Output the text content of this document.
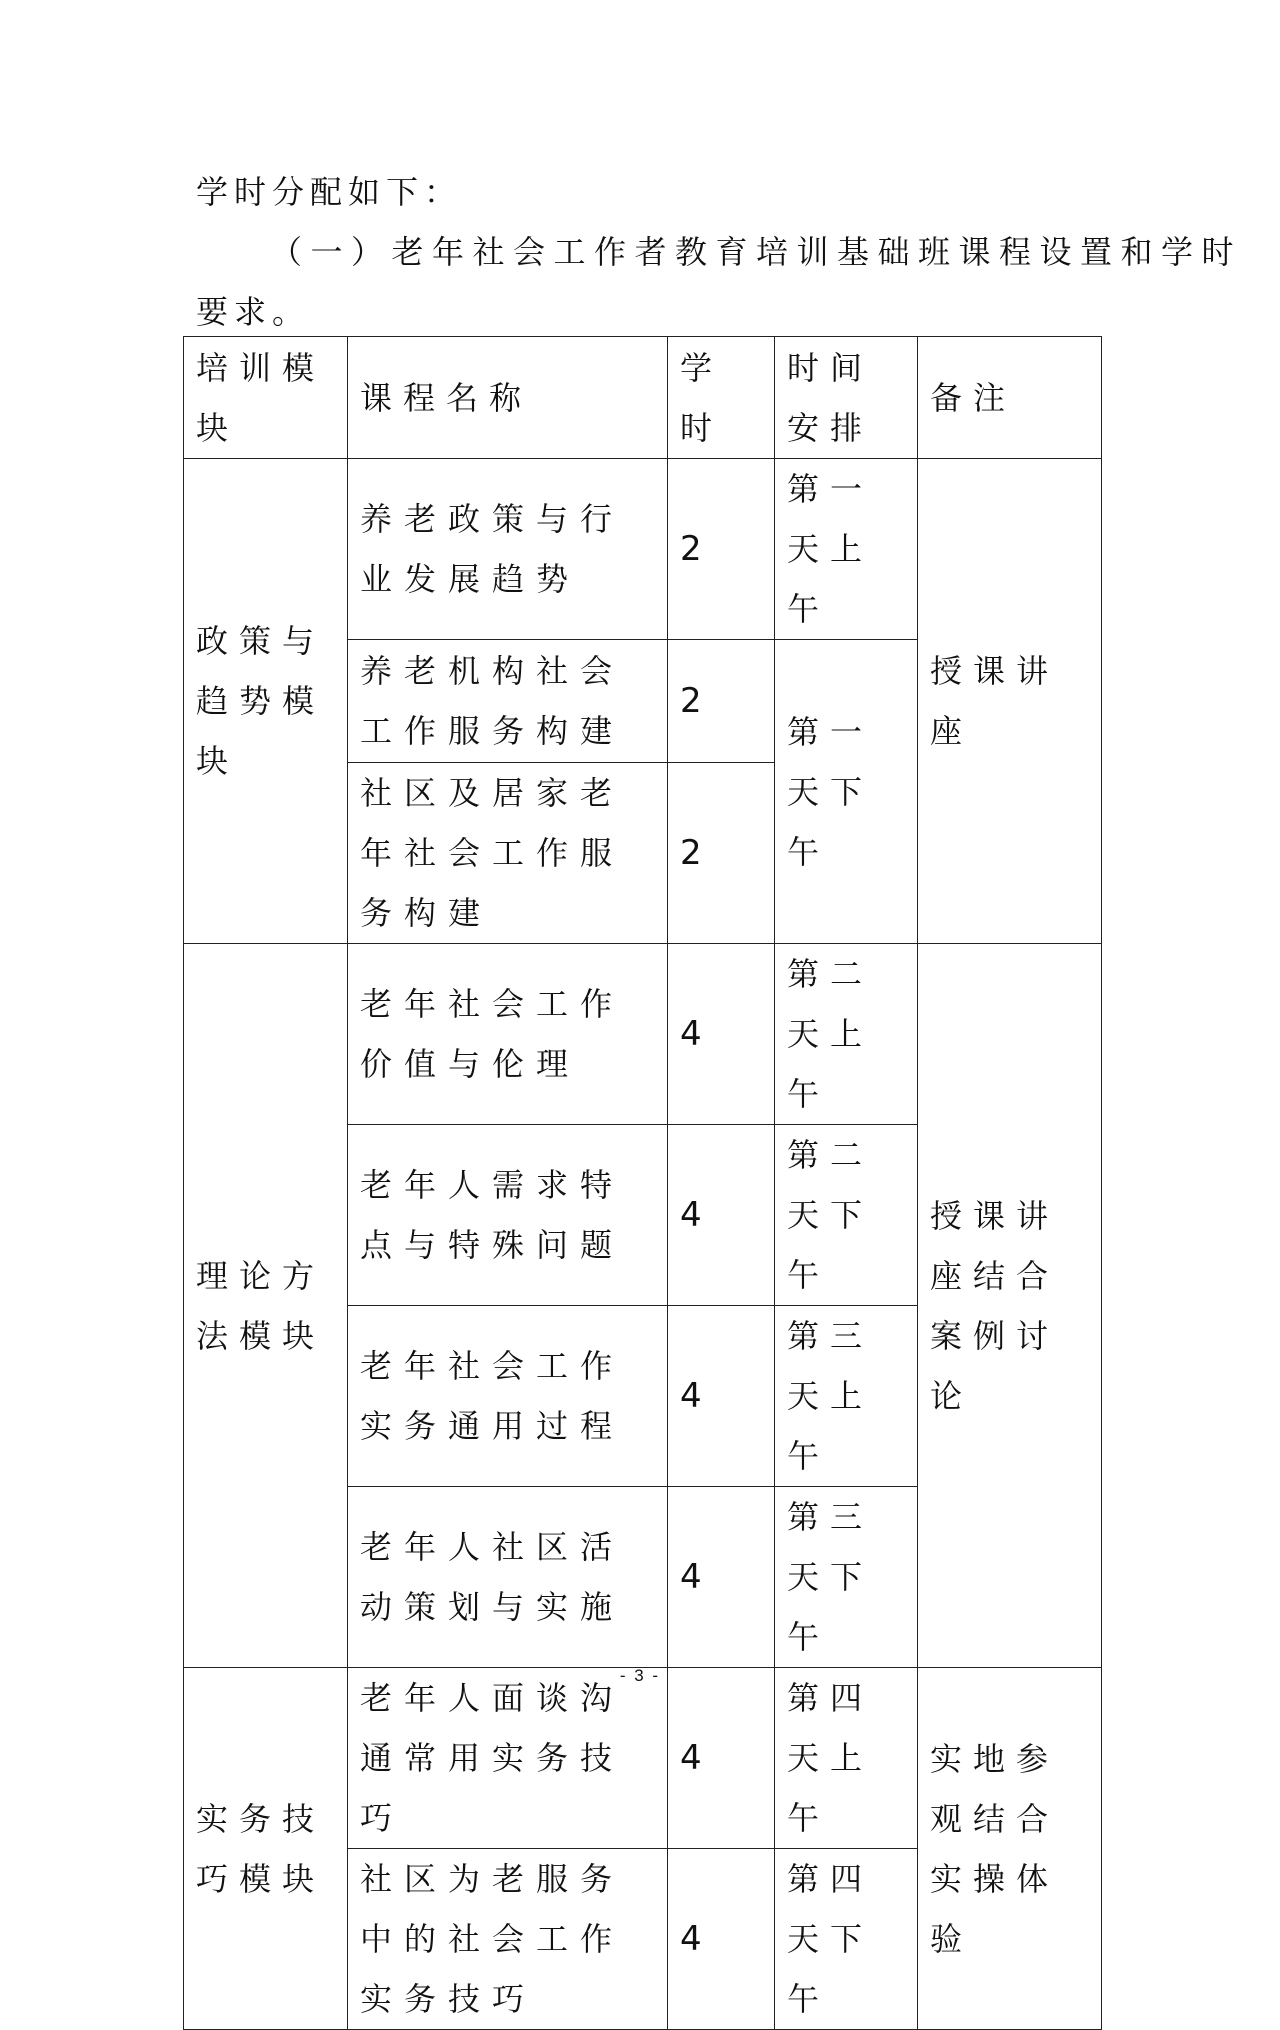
学时分配如下：
（一）老年社会工作者教育培训基础班课程设置和学时
要求。
培训模块	课程名称	学时	时间安排	备注
政策与趋势模块	养老政策与行业发展趋势	2	第一天上午	授课讲座
	养老机构社会工作服务构建	2	第一天下午	
	社区及居家老年社会工作服务构建	2		
理论方法模块	老年社会工作价值与伦理	4	第二天上午	授课讲座结合案例讨论
	老年人需求特点与特殊问题	4	第二天下午	
	老年社会工作实务通用过程	4	第三天上午	
	老年人社区活动策划与实施	4	第三天下午	
实务技巧模块	老年人面谈沟通常用实务技巧	4	第四天上午	实地参观结合实操体验
	社区为老服务中的社会工作实务技巧	4	第四天下午	
- 3 -
